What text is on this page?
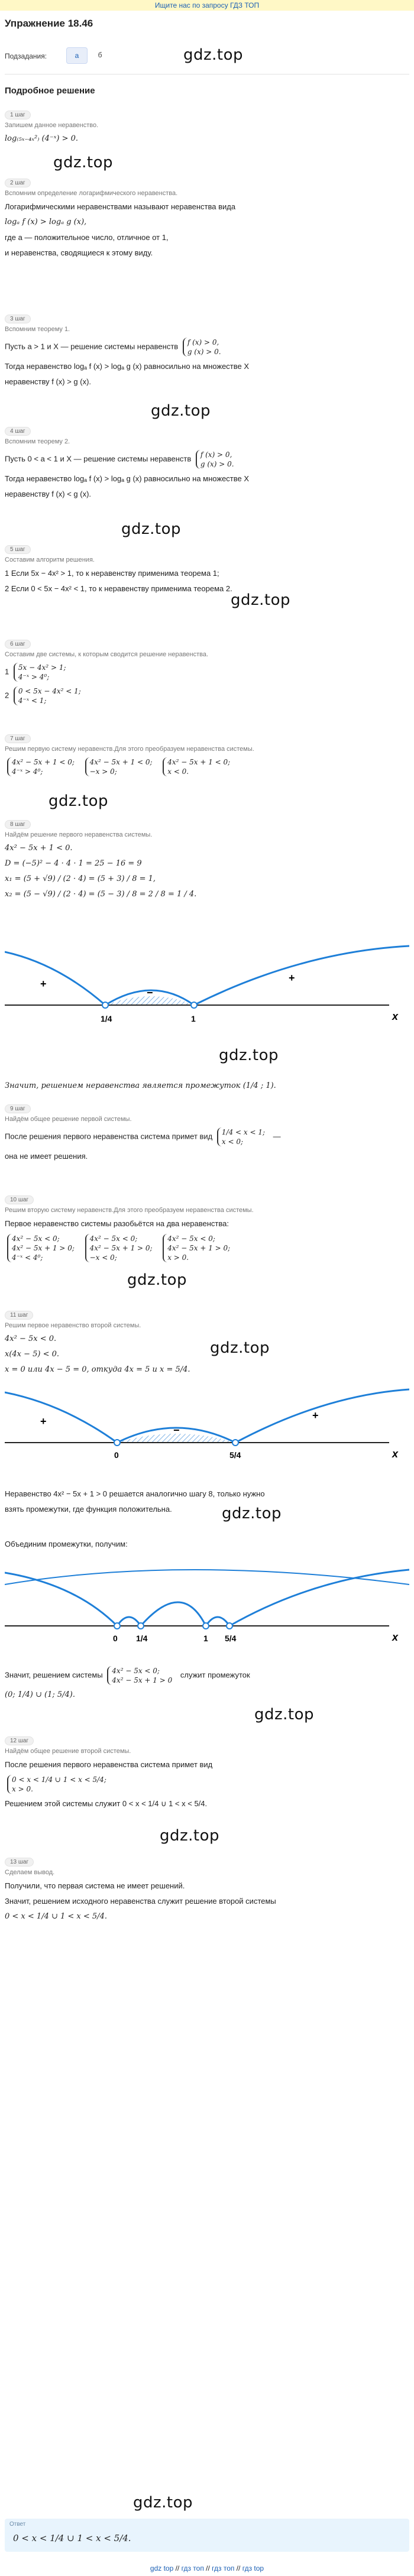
Ищите нас по запросу ГДЗ ТОП
Упражнение 18.46
Подзадания:	а	б	gdz.top
Подробное решение
1 шаг
Запишем данное неравенство.
log₍₅ₓ₋₄ₓ²₎ (4⁻ˣ) > 0.
gdz.top
2 шаг
Вспомним определение логарифмического неравенства.
Логарифмическими неравенствами называют неравенства вида
logₐ f (x) > logₐ g (x),
где a — положительное число, отличное от 1,
и неравенства, сводящиеся к этому виду.
3 шаг
Вспомним теорему 1.
Пусть a > 1 и X — решение системы неравенств f (x) > 0,
g (x) > 0.
Тогда неравенство logₐ f (x) > logₐ g (x) равносильно на множестве X
неравенству f (x) > g (x).
4 шаг
Вспомним теорему 2.
Пусть 0 < a < 1 и X — решение системы неравенств f (x) > 0,
g (x) > 0.
Тогда неравенство logₐ f (x) > logₐ g (x) равносильно на множестве X
неравенству f (x) < g (x).
gdz.top
gdz.top
5 шаг
Составим алгоритм решения.
1 Если 5x − 4x² > 1, то к неравенству применима теорема 1;
2 Если 0 < 5x − 4x² < 1, то к неравенству применима теорема 2.
gdz.top
6 шаг
Составим две системы, к которым сводится решение неравенства.
1 5x − 4x² > 1;
4⁻ˣ > 4⁰;
2 0 < 5x − 4x² < 1;
4⁻ˣ < 1;
7 шаг
Решим первую систему неравенств.Для этого преобразуем неравенства системы.
4x² − 5x + 1 < 0;
4⁻ˣ > 4⁰;

4x² − 5x + 1 < 0;
−x > 0;

4x² − 5x + 1 < 0;
x < 0.
gdz.top
8 шаг
Найдём решение первого неравенства системы.
4x² − 5x + 1 < 0.
D = (−5)² − 4 · 4 · 1 = 25 − 16 = 9
x₁ = (5 + √9) / (2 · 4) = (5 + 3) / 8 = 1,
x₂ = (5 − √9) / (2 · 4) = (5 − 3) / 8 = 2 / 8 = 1 / 4.
+
−
+
1/4	1	x
gdz.top
Значит, решением неравенства является промежуток (1/4 ; 1).
9 шаг
Найдём общее решение первой системы.
После решения первого неравенства система примет вид 1/4 < x < 1;
x < 0;
—
она не имеет решения.
10 шаг
Решим вторую систему неравенств.Для этого преобразуем неравенства системы.
Первое неравенство системы разобьётся на два неравенства:
4x² − 5x < 0;
4x² − 5x + 1 > 0;
4⁻ˣ < 4⁰;

4x² − 5x < 0;
4x² − 5x + 1 > 0;
−x < 0;

4x² − 5x < 0;
4x² − 5x + 1 > 0;
x > 0.
gdz.top
11 шаг
Решим первое неравенство второй системы.
4x² − 5x < 0.
x(4x − 5) < 0.
x = 0 или 4x − 5 = 0, откуда 4x = 5 и x = 5/4.
gdz.top
+
−
+
0	5/4	x
Неравенство 4x² − 5x + 1 > 0 решается аналогично шагу 8, только нужно
взять промежутки, где функция положительна.	gdz.top
Объединим промежутки, получим:
0 1/4	1 5/4	x
Значит, решением системы 4x² − 5x < 0;
4x² − 5x + 1 > 0
служит промежуток
(0; 1/4) ∪ (1; 5/4).
gdz.top
12 шаг
Найдём общее решение второй системы.
После решения первого неравенства система примет вид
0 < x < 1/4 ∪ 1 < x < 5/4;
x > 0.
Решением этой системы служит 0 < x < 1/4 ∪ 1 < x < 5/4.
gdz.top
13 шаг
Сделаем вывод.
Получили, что первая система не имеет решений.
Значит, решением исходного неравенства служит решение второй системы
0 < x < 1/4 ∪ 1 < x < 5/4.
gdz.top
Ответ
0 < x < 1/4 ∪ 1 < x < 5/4.
gdz top // гдз топ // гдз топ // гдз top
